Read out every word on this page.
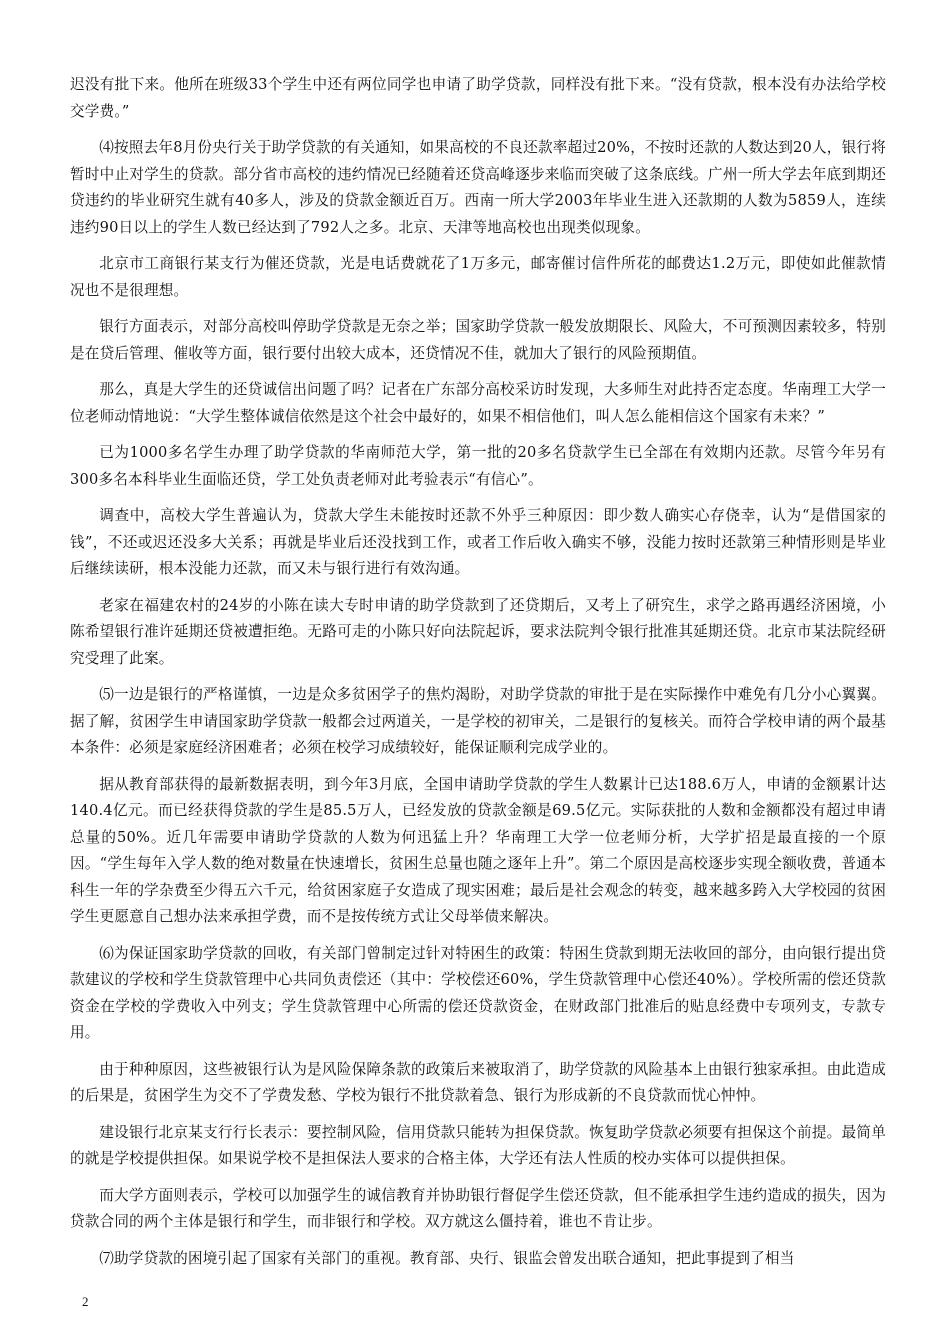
迟没有批下来。他所在班级33个学生中还有两位同学也申请了助学贷款，同样没有批下来。“没有贷款，根本没有办法给学校交学费。”

⑷按照去年8月份央行关于助学贷款的有关通知，如果高校的不良还款率超过20%，不按时还款的人数达到20人，银行将暂时中止对学生的贷款。部分省市高校的违约情况已经随着还贷高峰逐步来临而突破了这条底线。广州一所大学去年底到期还贷违约的毕业研究生就有40多人，涉及的贷款金额近百万。西南一所大学2003年毕业生进入还款期的人数为5859人，连续违约90日以上的学生人数已经达到了792人之多。北京、天津等地高校也出现类似现象。

北京市工商银行某支行为催还贷款，光是电话费就花了1万多元，邮寄催讨信件所花的邮费达1.2万元，即使如此催款情况也不是很理想。

银行方面表示，对部分高校叫停助学贷款是无奈之举；国家助学贷款一般发放期限长、风险大，不可预测因素较多，特别是在贷后管理、催收等方面，银行要付出较大成本，还贷情况不佳，就加大了银行的风险预期值。

那么，真是大学生的还贷诚信出问题了吗？记者在广东部分高校采访时发现，大多师生对此持否定态度。华南理工大学一位老师动情地说：“大学生整体诚信依然是这个社会中最好的，如果不相信他们，叫人怎么能相信这个国家有未来？”

已为1000多名学生办理了助学贷款的华南师范大学，第一批的20多名贷款学生已全部在有效期内还款。尽管今年另有300多名本科毕业生面临还贷，学工处负责老师对此考验表示“有信心”。

调查中，高校大学生普遍认为，贷款大学生未能按时还款不外乎三种原因：即少数人确实心存侥幸，认为“是借国家的钱”，不还或迟还没多大关系；再就是毕业后还没找到工作，或者工作后收入确实不够，没能力按时还款第三种情形则是毕业后继续读研，根本没能力还款，而又未与银行进行有效沟通。

老家在福建农村的24岁的小陈在读大专时申请的助学贷款到了还贷期后，又考上了研究生，求学之路再遇经济困境，小陈希望银行准许延期还贷被遭拒绝。无路可走的小陈只好向法院起诉，要求法院判令银行批准其延期还贷。北京市某法院经研究受理了此案。

⑸一边是银行的严格谨慎，一边是众多贫困学子的焦灼渴盼，对助学贷款的审批于是在实际操作中难免有几分小心翼翼。据了解，贫困学生申请国家助学贷款一般都会过两道关，一是学校的初审关，二是银行的复核关。而符合学校申请的两个最基本条件：必须是家庭经济困难者；必须在校学习成绩较好，能保证顺利完成学业的。

据从教育部获得的最新数据表明，到今年3月底，全国申请助学贷款的学生人数累计已达188.6万人，申请的金额累计达140.4亿元。而已经获得贷款的学生是85.5万人，已经发放的贷款金额是69.5亿元。实际获批的人数和金额都没有超过申请总量的50%。近几年需要申请助学贷款的人数为何迅猛上升？华南理工大学一位老师分析，大学扩招是最直接的一个原因。“学生每年入学人数的绝对数量在快速增长，贫困生总量也随之逐年上升”。第二个原因是高校逐步实现全额收费，普通本科生一年的学杂费至少得五六千元，给贫困家庭子女造成了现实困难；最后是社会观念的转变，越来越多跨入大学校园的贫困学生更愿意自己想办法来承担学费，而不是按传统方式让父母举债来解决。

⑹为保证国家助学贷款的回收，有关部门曾制定过针对特困生的政策：特困生贷款到期无法收回的部分，由向银行提出贷款建议的学校和学生贷款管理中心共同负责偿还（其中：学校偿还60%，学生贷款管理中心偿还40%）。学校所需的偿还贷款资金在学校的学费收入中列支；学生贷款管理中心所需的偿还贷款资金，在财政部门批准后的贴息经费中专项列支，专款专用。

由于种种原因，这些被银行认为是风险保障条款的政策后来被取消了，助学贷款的风险基本上由银行独家承担。由此造成的后果是，贫困学生为交不了学费发愁、学校为银行不批贷款着急、银行为形成新的不良贷款而忧心忡忡。

建设银行北京某支行行长表示：要控制风险，信用贷款只能转为担保贷款。恢复助学贷款必须要有担保这个前提。最简单的就是学校提供担保。如果说学校不是担保法人要求的合格主体，大学还有法人性质的校办实体可以提供担保。

而大学方面则表示，学校可以加强学生的诚信教育并协助银行督促学生偿还贷款，但不能承担学生违约造成的损失，因为贷款合同的两个主体是银行和学生，而非银行和学校。双方就这么僵持着，谁也不肯让步。

⑺助学贷款的困境引起了国家有关部门的重视。教育部、央行、银监会曾发出联合通知，把此事提到了相当

2
